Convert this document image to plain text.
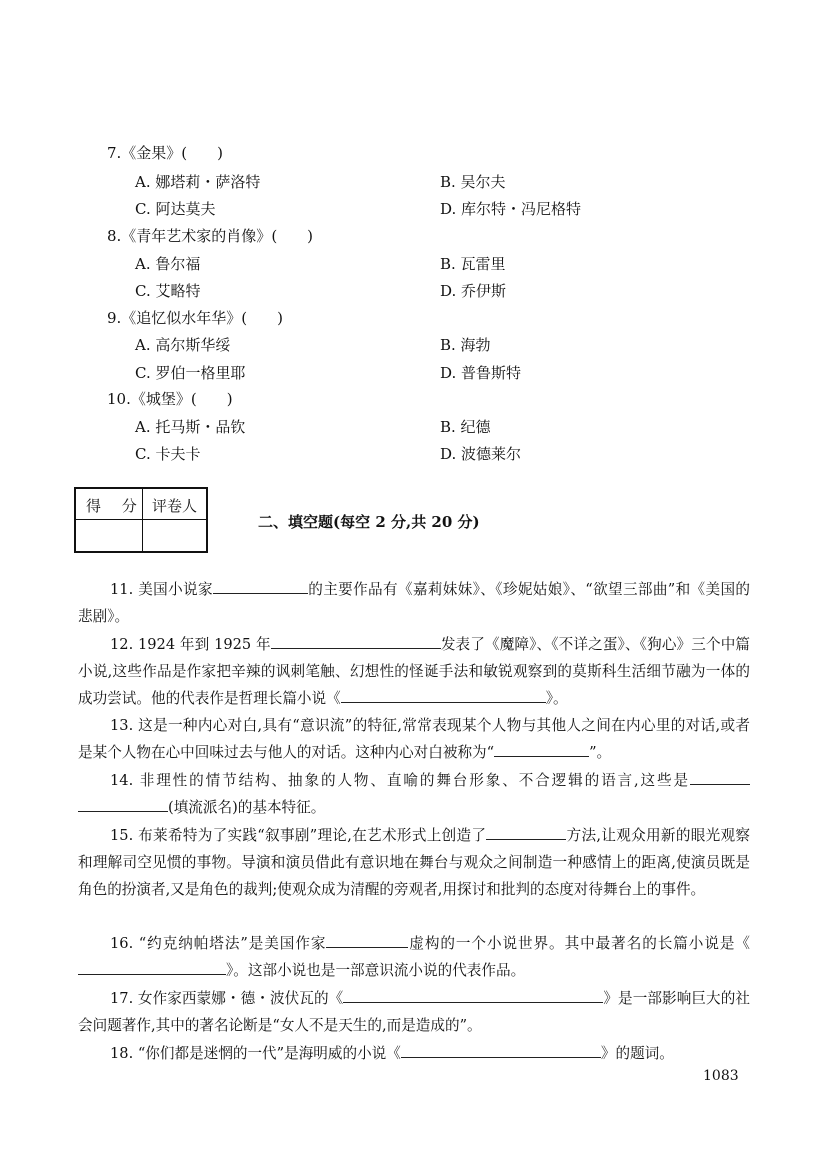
7.《金果》(　　)
A. 娜塔莉・萨洛特	B. 吴尔夫
C. 阿达莫夫	D. 库尔特・冯尼格特
8.《青年艺术家的肖像》(　　)
A. 鲁尔福	B. 瓦雷里
C. 艾略特	D. 乔伊斯
9.《追忆似水年华》(　　)
A. 高尔斯华绥	B. 海勃
C. 罗伯一格里耶	D. 普鲁斯特
10.《城堡》(　　)
A. 托马斯・品钦	B. 纪德
C. 卡夫卡	D. 波德莱尔
得 分 评卷人
二、填空题(每空 2 分,共 20 分)
11. 美国小说家	的主要作品有《嘉莉妹妹》、《珍妮姑娘》、“欲望三部曲”和《美国的悲剧》。
12. 1924 年到 1925 年	发表了《魔障》、《不详之蛋》、《狗心》三个中篇小说,这些作品是作家把辛辣的讽刺笔触、幻想性的怪诞手法和敏锐观察到的莫斯科生活细节融为一体的成功尝试。他的代表作是哲理长篇小说《	》。
13. 这是一种内心对白,具有“意识流”的特征,常常表现某个人物与其他人之间在内心里的对话,或者是某个人物在心中回味过去与他人的对话。这种内心对白被称为“	”。
14. 非理性的情节结构、抽象的人物、直喻的舞台形象、不合逻辑的语言,这些是(填流派名)的基本特征。
15. 布莱希特为了实践“叙事剧”理论,在艺术形式上创造了	方法,让观众用新的眼光观察和理解司空见惯的事物。导演和演员借此有意识地在舞台与观众之间制造一种感情上的距离,使演员既是角色的扮演者,又是角色的裁判;使观众成为清醒的旁观者,用探讨和批判的态度对待舞台上的事件。
16. “约克纳帕塔法”是美国作家	虚构的一个小说世界。其中最著名的长篇小说是《》。这部小说也是一部意识流小说的代表作品。
17. 女作家西蒙娜・德・波伏瓦的《	》是一部影响巨大的社会问题著作,其中的著名论断是“女人不是天生的,而是造成的”。
18. “你们都是迷惘的一代”是海明威的小说《	》的题词。
1083
